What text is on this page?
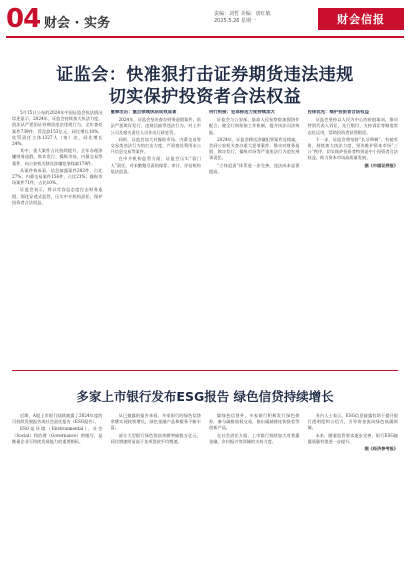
04 财会 · 实务
责编：刘哲 美编：唐红敏
2025.5.26 星期一	财会信报
证监会：快准狠打击证券期货违法违规
切实保护投资者合法权益

5月15日公布的2024年中国证监会执法情况综述显示，2024年，证监会持续加大执法力度，依法从严惩治证券期货违法违规行为，全年查处案件739件，罚没款153亿元，同比增长10%，处罚责任主体1327人（家）次，同比增长24%。

其中，重大案件占比持续提升，全年办理涉嫌财务造假、欺诈发行、操纵市场、内幕交易等案件，向公安机关移送涉嫌犯罪线索178件。

从案件构成看，信息披露案件202件，占比27%；内幕交易案件156件，占比21%；操纵市场案件71件，占比10%。

证监会表示，将以零容忍态度打击财务造假，强化穿透式监管，压实中介机构责任，保护投资者合法权益。

重拳出击：重点领域执法成效显著

2024年，证监会坚决查办财务造假案件，依法严惩欺诈发行、违规信披等违法行为，对上市公司及相关责任人员作出行政处罚。

同时，证监会加大对操纵市场、内幕交易等交易类违法行为的打击力度，严肃查处利用未公开信息交易等案件。

在中介机构监管方面，证监会压实“看门人”责任，对未勤勉尽责的保荐、审计、评估机构依法追责。

刑行衔接：犯罪移送力度持续加大

证监会与公安部、最高人民检察院加强协作配合，健全行刑衔接工作机制，提升执法司法效能。

2024年，证监会移送涉嫌犯罪案件及线索，会同公安机关查办重大犯罪案件，推动对财务造假、欺诈发行、操纵市场等严重违法行为追究刑事责任。

“立体追责”体系进一步完善，违法成本显著提高。

投保优先：维护投资者合法权益

证监会坚持以人民为中心的价值取向，推动特别代表人诉讼、先行赔付、支持诉讼等制度常态化运用，帮助投资者获得赔偿。

下一步，证监会将坚持“长牙带刺”、有棱有角，持续加大执法力度，坚决维护资本市场“三公”秩序，切实保护投资者特别是中小投资者合法权益，助力资本市场高质量发展。

据《中国证券报》

多家上市银行发布ESG报告 绿色信贷持续增长

近期，A股上市银行陆续披露了2024年度的可持续发展报告或社会责任报告（ESG报告）。

ESG是环境（Environmental）、社会（Social）和治理（Governance）的缩写，是衡量企业可持续发展能力的重要指标。

从已披露的报告来看，多家银行的绿色信贷余额实现较快增长，绿色金融产品和服务不断丰富。

部分大型银行绿色贷款余额突破数万亿元，同比增速明显高于各项贷款平均增速。

除绿色信贷外，多家银行积极发行绿色债券，参与碳排放权交易，推出碳减排挂钩贷款等创新产品。

在社会责任方面，上市银行持续加大对普惠金融、乡村振兴等领域的支持力度。

业内人士表示，ESG信息披露有助于提升银行透明度和公信力，引导资金流向绿色低碳领域。

未来，随着监管要求逐步完善，银行ESG披露质量有望进一步提升。

据《经济参考报》
